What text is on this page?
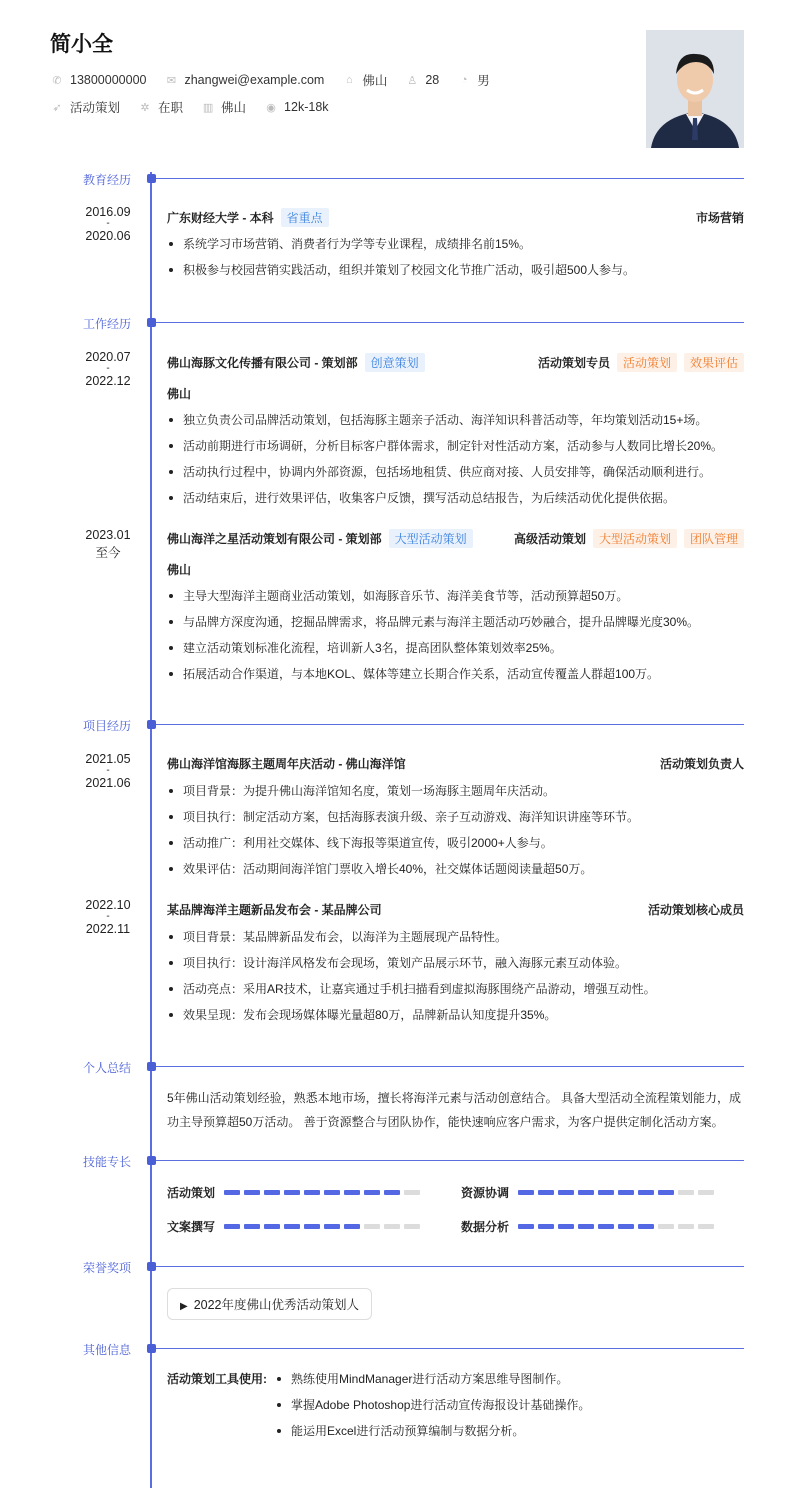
简小全
✆ 13800000000 ✉ zhangwei@example.com	⌂ 佛山 ♙ 28	◔ 男
➶ 活动策划 ✲ 在职 ▥ 佛山 ◉ 12k-18k
教育经历
2016.09
-
2020.06
广东财经大学 - 本科	省重点	市场营销
系统学习市场营销、消费者行为学等专业课程，成绩排名前15%。
积极参与校园营销实践活动，组织并策划了校园文化节推广活动，吸引超500人参与。
工作经历
2020.07
-
2022.12
佛山海豚文化传播有限公司 - 策划部	创意策划	活动策划专员	活动策划	效果评估
佛山
独立负责公司品牌活动策划，包括海豚主题亲子活动、海洋知识科普活动等，年均策划活动15+场。
活动前期进行市场调研，分析目标客户群体需求，制定针对性活动方案，活动参与人数同比增长20%。
活动执行过程中，协调内外部资源，包括场地租赁、供应商对接、人员安排等，确保活动顺利进行。
活动结束后，进行效果评估，收集客户反馈，撰写活动总结报告，为后续活动优化提供依据。
2023.01
至今
佛山海洋之星活动策划有限公司 - 策划部	大型活动策划	高级活动策划	大型活动策划	团队管理
佛山
主导大型海洋主题商业活动策划，如海豚音乐节、海洋美食节等，活动预算超50万。
与品牌方深度沟通，挖掘品牌需求，将品牌元素与海洋主题活动巧妙融合，提升品牌曝光度30%。
建立活动策划标准化流程，培训新人3名，提高团队整体策划效率25%。
拓展活动合作渠道，与本地KOL、媒体等建立长期合作关系，活动宣传覆盖人群超100万。
项目经历
2021.05
-
2021.06
佛山海洋馆海豚主题周年庆活动 - 佛山海洋馆	活动策划负责人
项目背景：为提升佛山海洋馆知名度，策划一场海豚主题周年庆活动。
项目执行：制定活动方案，包括海豚表演升级、亲子互动游戏、海洋知识讲座等环节。
活动推广：利用社交媒体、线下海报等渠道宣传，吸引2000+人参与。
效果评估：活动期间海洋馆门票收入增长40%，社交媒体话题阅读量超50万。
2022.10
-
2022.11
某品牌海洋主题新品发布会 - 某品牌公司	活动策划核心成员
项目背景：某品牌新品发布会，以海洋为主题展现产品特性。
项目执行：设计海洋风格发布会现场，策划产品展示环节，融入海豚元素互动体验。
活动亮点：采用AR技术，让嘉宾通过手机扫描看到虚拟海豚围绕产品游动，增强互动性。
效果呈现：发布会现场媒体曝光量超80万，品牌新品认知度提升35%。
个人总结
5年佛山活动策划经验，熟悉本地市场，擅长将海洋元素与活动创意结合。 具备大型活动全流程策划能力，成功主导预算超50万活动。 善于资源整合与团队协作，能快速响应客户需求，为客户提供定制化活动方案。
技能专长
活动策划	资源协调
文案撰写	数据分析
荣誉奖项
▶ 2022年度佛山优秀活动策划人
其他信息
活动策划工具使用:	熟练使用MindManager进行活动方案思维导图制作。
掌握Adobe Photoshop进行活动宣传海报设计基础操作。
能运用Excel进行活动预算编制与数据分析。
